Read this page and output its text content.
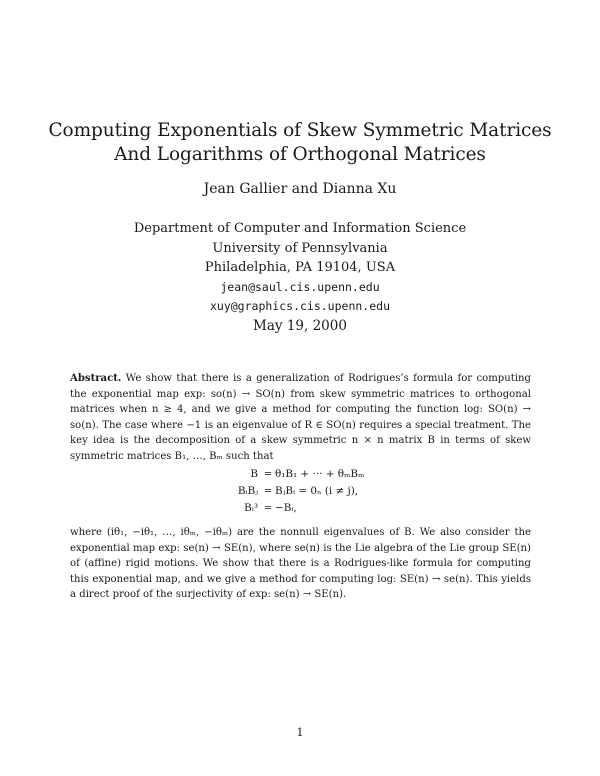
Computing Exponentials of Skew Symmetric Matrices
And Logarithms of Orthogonal Matrices
Jean Gallier and Dianna Xu
Department of Computer and Information Science
University of Pennsylvania
Philadelphia, PA 19104, USA
jean@saul.cis.upenn.edu
xuy@graphics.cis.upenn.edu
May 19, 2000
Abstract. We show that there is a generalization of Rodrigues’s formula for computing the exponential map exp: so(n) → SO(n) from skew symmetric matrices to orthogonal matrices when n ≥ 4, and we give a method for computing the function log: SO(n) → so(n). The case where −1 is an eigenvalue of R ∈ SO(n) requires a special treatment. The key idea is the decomposition of a skew symmetric n × n matrix B in terms of skew symmetric matrices B₁, …, Bₘ such that
B = θ₁B₁ + ··· + θₘBₘ
BᵢBⱼ = BⱼBᵢ = 0ₙ (i ≠ j),
Bᵢ³ = −Bᵢ,
where (iθ₁, −iθ₁, …, iθₘ, −iθₘ) are the nonnull eigenvalues of B. We also consider the exponential map exp: se(n) → SE(n), where se(n) is the Lie algebra of the Lie group SE(n) of (affine) rigid motions. We show that there is a Rodrigues-like formula for computing this exponential map, and we give a method for computing log: SE(n) → se(n). This yields a direct proof of the surjectivity of exp: se(n) → SE(n).
1
